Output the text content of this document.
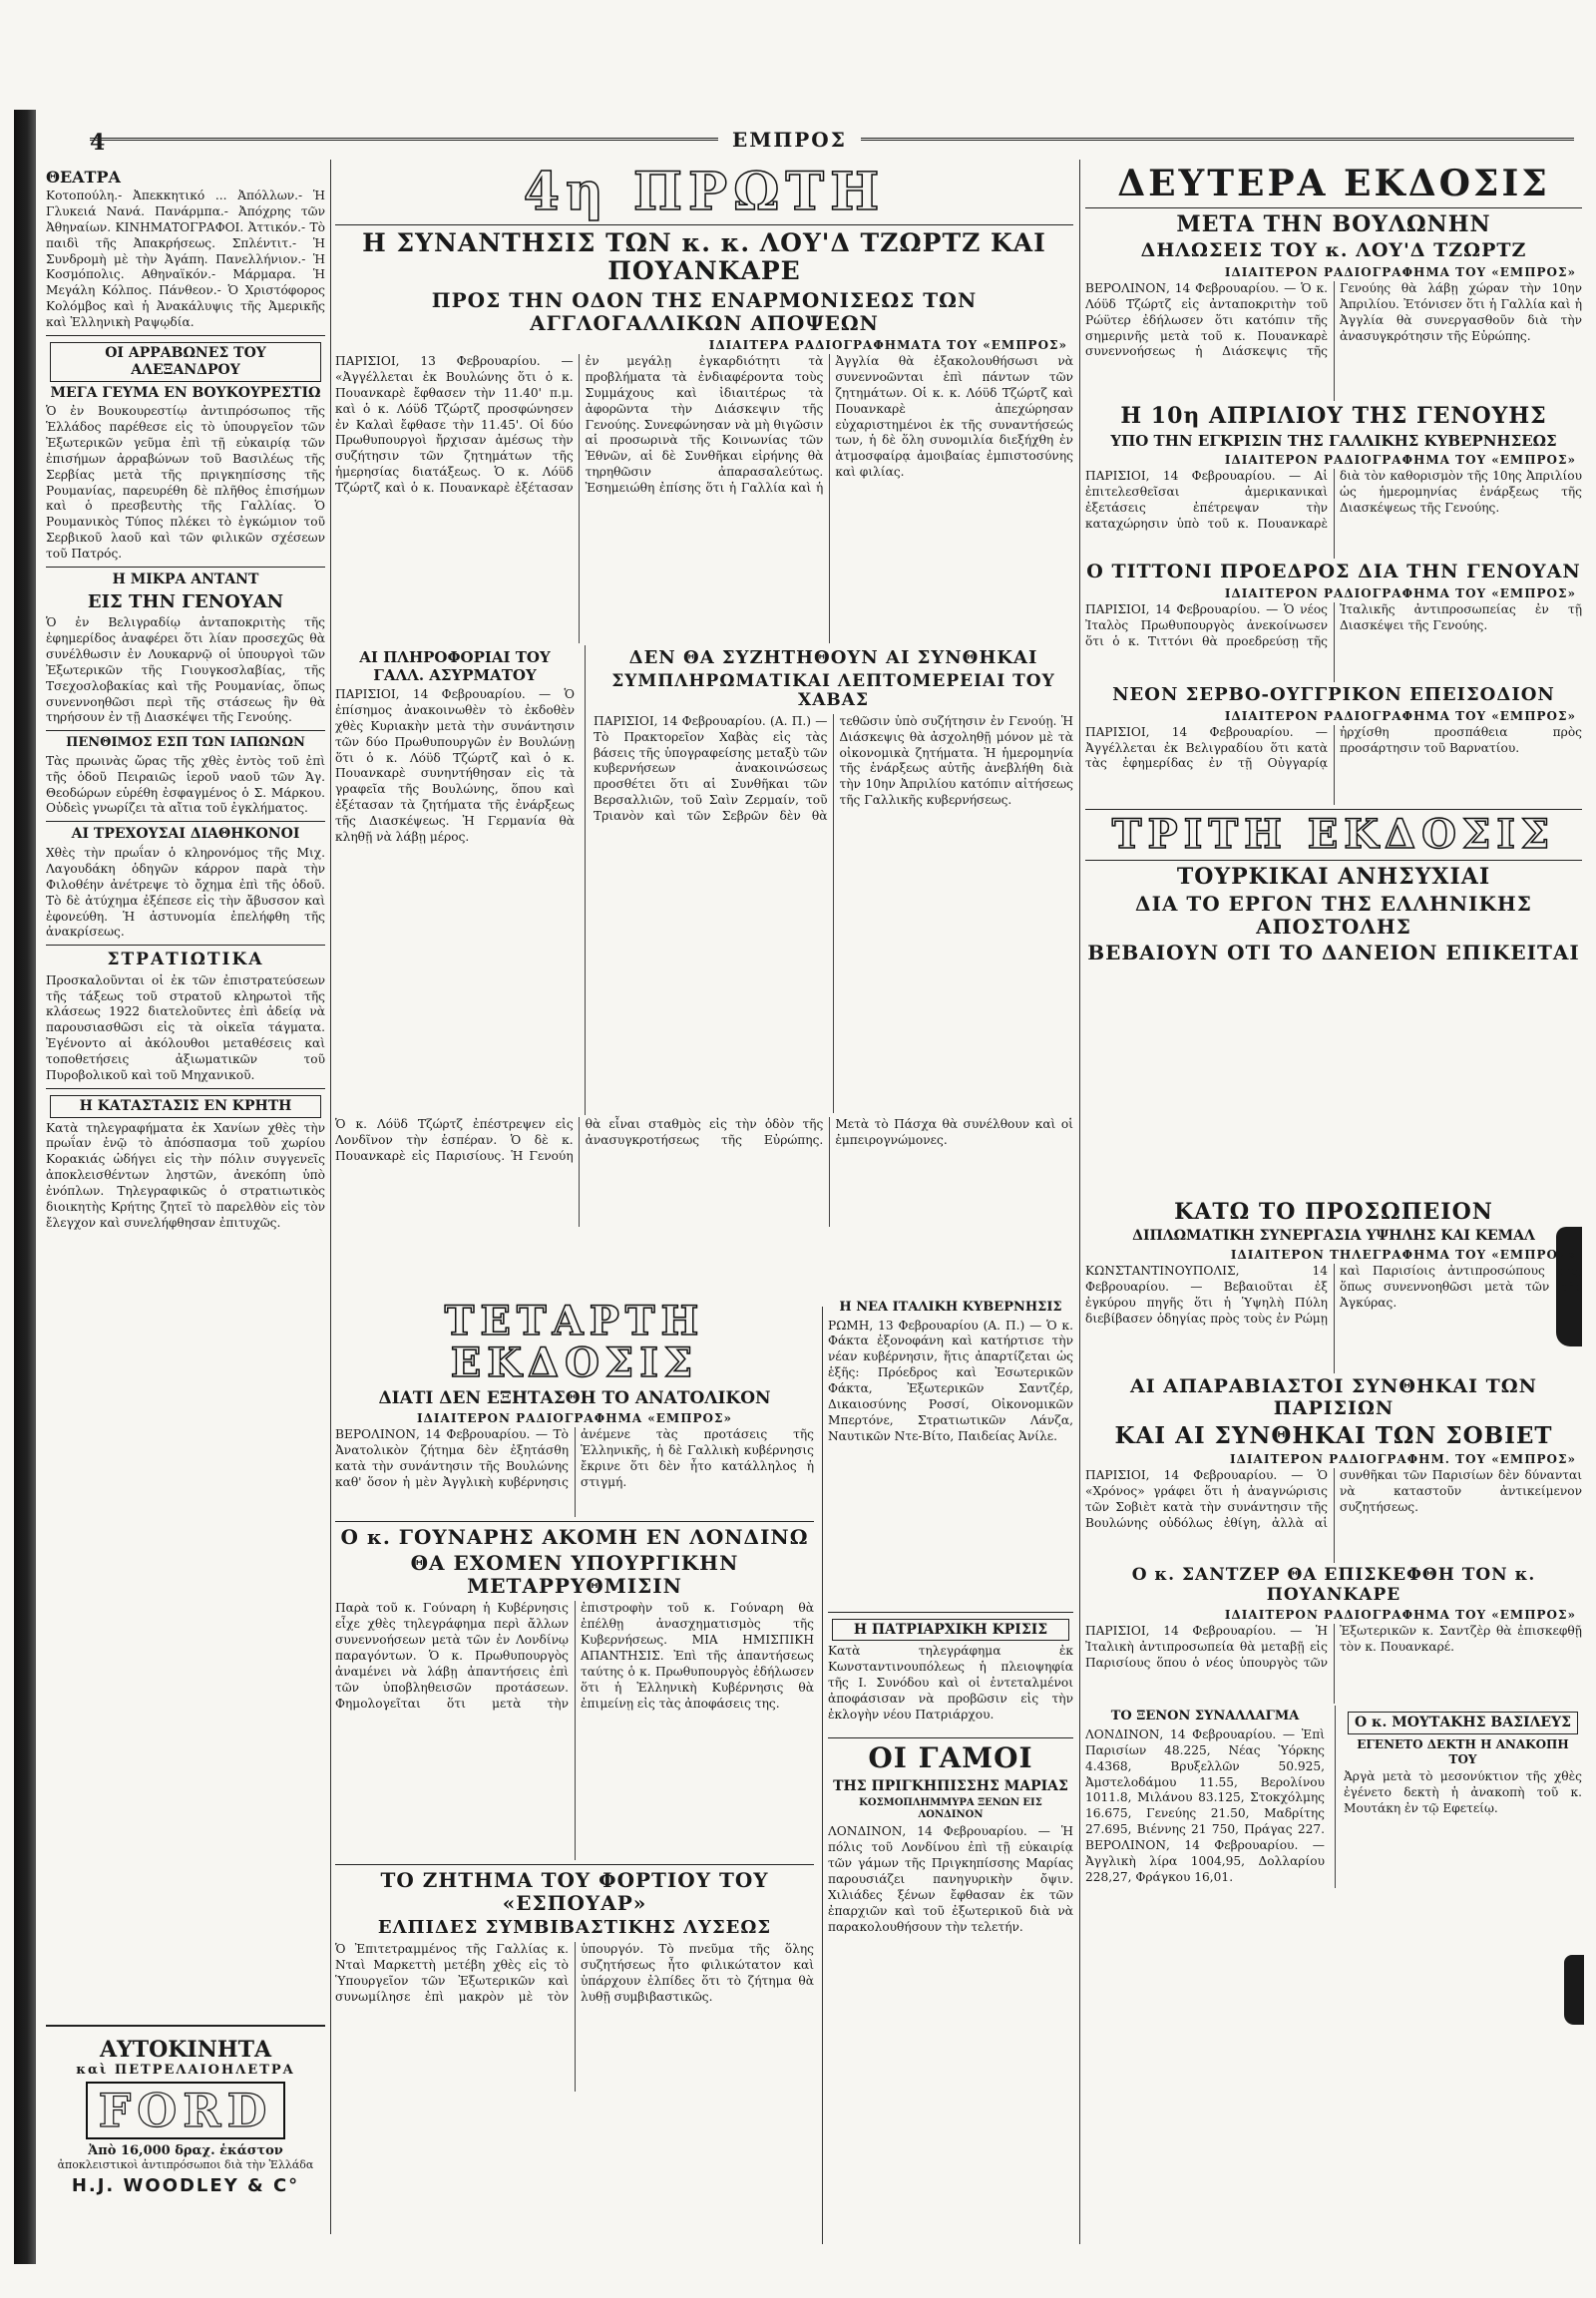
4	ΕΜΠΡΟΣ
ΘΕΑΤΡΑ
Κοτοπούλη.- Ἀπεκκητικό ... Ἀπόλλων.- Ἡ Γλυκειά Νανά. Πανάρμπα.- Ἀπόχρης τῶν Ἀθηναίων. ΚΙΝΗΜΑΤΟΓΡΑΦΟΙ. Ἀττικόν.- Τὸ παιδὶ τῆς Ἀπακρήσεως. Σπλέντιτ.- Ἡ Συνδρομὴ μὲ τὴν Ἀγάπη. Πανελλήνιον.- Ἡ Κοσμόπολις. Αθηναϊκόν.- Μάρμαρα. Ἡ Μεγάλη Κόλπος. Πάνθεον.- Ὁ Χριστόφορος Κολόμβος καὶ ἡ Ἀνακάλυψις τῆς Ἀμερικῆς καὶ Ἑλληνικὴ Ραψῳδία.
ΟΙ ΑΡΡΑΒΩΝΕΣ ΤΟΥ ΑΛΕΞΑΝΔΡΟΥ
ΜΕΓΑ ΓΕΥΜΑ ΕΝ ΒΟΥΚΟΥΡΕΣΤΙΩ
Ὁ ἐν Βουκουρεστίῳ ἀντιπρόσωπος τῆς Ἑλλάδος παρέθεσε εἰς τὸ ὑπουργεῖον τῶν Ἐξωτερικῶν γεῦμα ἐπὶ τῇ εὐκαιρίᾳ τῶν ἐπισήμων ἀρραβώνων τοῦ Βασιλέως τῆς Σερβίας μετὰ τῆς πριγκηπίσσης τῆς Ρουμανίας, παρευρέθη δὲ πλῆθος ἐπισήμων καὶ ὁ πρεσβευτὴς τῆς Γαλλίας. Ὁ Ρουμανικὸς Τύπος πλέκει τὸ ἐγκώμιον τοῦ Σερβικοῦ λαοῦ καὶ τῶν φιλικῶν σχέσεων τοῦ Πατρός.
Η ΜΙΚΡΑ ΑΝΤΑΝΤ
ΕΙΣ ΤΗΝ ΓΕΝΟΥΑΝ
Ὁ ἐν Βελιγραδίῳ ἀνταποκριτὴς τῆς ἐφημερίδος ἀναφέρει ὅτι λίαν προσεχῶς θὰ συνέλθωσιν ἐν Λουκαρνῷ οἱ ὑπουργοὶ τῶν Ἐξωτερικῶν τῆς Γιουγκοσλαβίας, τῆς Τσεχοσλοβακίας καὶ τῆς Ρουμανίας, ὅπως συνεννοηθῶσι περὶ τῆς στάσεως ἣν θὰ τηρήσουν ἐν τῇ Διασκέψει τῆς Γενούης.
ΠΕΝΘΙΜΟΣ ΕΣΠ ΤΩΝ ΙΑΠΩΝΩΝ
Τὰς πρωινὰς ὥρας τῆς χθὲς ἐντὸς τοῦ ἐπὶ τῆς ὁδοῦ Πειραιῶς ἱεροῦ ναοῦ τῶν Ἁγ. Θεοδώρων εὑρέθη ἐσφαγμένος ὁ Σ. Μάρκου. Οὐδεὶς γνωρίζει τὰ αἴτια τοῦ ἐγκλήματος.
ΑΙ ΤΡΕΧΟΥΣΑΙ ΔΙΑΘΗΚΟΝΟΙ
Χθὲς τὴν πρωΐαν ὁ κληρονόμος τῆς Μιχ. Λαγουδάκη ὁδηγῶν κάρρον παρὰ τὴν Φιλοθέην ἀνέτρεψε τὸ ὄχημα ἐπὶ τῆς ὁδοῦ. Τὸ δὲ ἀτύχημα ἐξέπεσε εἰς τὴν ἄβυσσον καὶ ἐφονεύθη. Ἡ ἀστυνομία ἐπελήφθη τῆς ἀνακρίσεως.
ΣΤΡΑΤΙΩΤΙΚΑ
Προσκαλοῦνται οἱ ἐκ τῶν ἐπιστρατεύσεων τῆς τάξεως τοῦ στρατοῦ κληρωτοὶ τῆς κλάσεως 1922 διατελοῦντες ἐπὶ ἀδείᾳ νὰ παρουσιασθῶσι εἰς τὰ οἰκεῖα τάγματα. Ἐγένοντο αἱ ἀκόλουθοι μεταθέσεις καὶ τοποθετήσεις ἀξιωματικῶν τοῦ Πυροβολικοῦ καὶ τοῦ Μηχανικοῦ.
Η ΚΑΤΑΣΤΑΣΙΣ ΕΝ ΚΡΗΤΗ
Κατὰ τηλεγραφήματα ἐκ Χανίων χθὲς τὴν πρωΐαν ἐνῷ τὸ ἀπόσπασμα τοῦ χωρίου Κορακιάς ὡδήγει εἰς τὴν πόλιν συγγενεῖς ἀποκλεισθέντων ληστῶν, ἀνεκόπη ὑπὸ ἐνόπλων. Τηλεγραφικῶς ὁ στρατιωτικὸς διοικητὴς Κρήτης ζητεῖ τὸ παρελθὸν εἰς τὸν ἔλεγχον καὶ συνελήφθησαν ἐπιτυχῶς.
ΑΥΤΟΚΙΝΗΤΑ
καὶ ΠΕΤΡΕΛΑΙΟΗΛΕΤΡΑ
FORD
Ἀπὸ 16,000 δραχ. ἑκάστον
ἀποκλειστικοὶ ἀντιπρόσωποι διὰ τὴν Ἑλλάδα
H.J. WOODLEY & C°
4η ΠΡΩΤΗ
Η ΣΥΝΑΝΤΗΣΙΣ ΤΩΝ κ. κ. ΛΟΥ'Δ ΤΖΩΡΤΖ ΚΑΙ ΠΟΥΑΝΚΑΡΕ
ΠΡΟΣ ΤΗΝ ΟΔΟΝ ΤΗΣ ΕΝΑΡΜΟΝΙΣΕΩΣ ΤΩΝ ΑΓΓΛΟΓΑΛΛΙΚΩΝ ΑΠΟΨΕΩΝ
ΙΔΙΑΙΤΕΡΑ ΡΑΔΙΟΓΡΑΦΗΜΑΤΑ ΤΟΥ «ΕΜΠΡΟΣ»
ΠΑΡΙΣΙΟΙ, 13 Φεβρουαρίου. — «Ἀγγέλλεται ἐκ Βουλώνης ὅτι ὁ κ. Πουανκαρὲ ἔφθασεν τὴν 11.40' π.μ. καὶ ὁ κ. Λόϋδ Τζώρτζ προσφώνησεν ἐν Καλαὶ ἔφθασε τὴν 11.45'. Οἱ δύο Πρωθυπουργοὶ ἤρχισαν ἀμέσως τὴν συζήτησιν τῶν ζητημάτων τῆς ἡμερησίας διατάξεως. Ὁ κ. Λόϋδ Τζώρτζ καὶ ὁ κ. Πουανκαρὲ ἐξέτασαν ἐν μεγάλῃ ἐγκαρδιότητι τὰ προβλήματα τὰ ἐνδιαφέροντα τοὺς Συμμάχους καὶ ἰδιαιτέρως τὰ ἀφορῶντα τὴν Διάσκεψιν τῆς Γενούης. Συνεφώνησαν νὰ μὴ θιγῶσιν αἱ προσωρινὰ τῆς Κοινωνίας τῶν Ἐθνῶν, αἱ δὲ Συνθῆκαι εἰρήνης θὰ τηρηθῶσιν ἀπαρασαλεύτως. Ἐσημειώθη ἐπίσης ὅτι ἡ Γαλλία καὶ ἡ Ἀγγλία θὰ ἐξακολουθήσωσι νὰ συνεννοῶνται ἐπὶ πάντων τῶν ζητημάτων. Οἱ κ. κ. Λόϋδ Τζώρτζ καὶ Πουανκαρὲ ἀπεχώρησαν εὐχαριστημένοι ἐκ τῆς συναντήσεώς των, ἡ δὲ ὅλη συνομιλία διεξήχθη ἐν ἀτμοσφαίρᾳ ἀμοιβαίας ἐμπιστοσύνης καὶ φιλίας.
ΑΙ ΠΛΗΡΟΦΟΡΙΑΙ ΤΟΥ ΓΑΛΛ. ΑΣΥΡΜΑΤΟΥ
ΠΑΡΙΣΙΟΙ, 14 Φεβρουαρίου. — Ὁ ἐπίσημος ἀνακοινωθὲν τὸ ἐκδοθὲν χθὲς Κυριακὴν μετὰ τὴν συνάντησιν τῶν δύο Πρωθυπουργῶν ἐν Βουλώνῃ ὅτι ὁ κ. Λόϋδ Τζώρτζ καὶ ὁ κ. Πουανκαρὲ συνηντήθησαν εἰς τὰ γραφεῖα τῆς Βουλώνης, ὅπου καὶ ἐξέτασαν τὰ ζητήματα τῆς ἐνάρξεως τῆς Διασκέψεως. Ἡ Γερμανία θὰ κληθῇ νὰ λάβῃ μέρος.
ΔΕΝ ΘΑ ΣΥΖΗΤΗΘΟΥΝ ΑΙ ΣΥΝΘΗΚΑΙ
ΣΥΜΠΛΗΡΩΜΑΤΙΚΑΙ ΛΕΠΤΟΜΕΡΕΙΑΙ ΤΟΥ ΧΑΒΑΣ
ΠΑΡΙΣΙΟΙ, 14 Φεβρουαρίου. (Α. Π.) — Τὸ Πρακτορεῖον Χαβὰς εἰς τὰς βάσεις τῆς ὑπογραφείσης μεταξὺ τῶν κυβερνήσεων ἀνακοινώσεως προσθέτει ὅτι αἱ Συνθῆκαι τῶν Βερσαλλιῶν, τοῦ Σαὶν Ζερμαίν, τοῦ Τριανὸν καὶ τῶν Σεβρῶν δὲν θὰ τεθῶσιν ὑπὸ συζήτησιν ἐν Γενούῃ. Ἡ Διάσκεψις θὰ ἀσχοληθῇ μόνον μὲ τὰ οἰκονομικὰ ζητήματα. Ἡ ἡμερομηνία τῆς ἐνάρξεως αὐτῆς ἀνεβλήθη διὰ τὴν 10ην Ἀπριλίου κατόπιν αἰτήσεως τῆς Γαλλικῆς κυβερνήσεως.
Ὁ κ. Λόϋδ Τζώρτζ ἐπέστρεψεν εἰς Λονδῖνον τὴν ἑσπέραν. Ὁ δὲ κ. Πουανκαρὲ εἰς Παρισίους. Ἡ Γενούη θὰ εἶναι σταθμὸς εἰς τὴν ὁδὸν τῆς ἀνασυγκροτήσεως τῆς Εὐρώπης. Μετὰ τὸ Πάσχα θὰ συνέλθουν καὶ οἱ ἐμπειρογνώμονες.
ΤΕΤΑΡΤΗ ΕΚΔΟΣΙΣ
ΔΙΑΤΙ ΔΕΝ ΕΞΗΤΑΣΘΗ ΤΟ ΑΝΑΤΟΛΙΚΟΝ
ΙΔΙΑΙΤΕΡΟΝ ΡΑΔΙΟΓΡΑΦΗΜΑ «ΕΜΠΡΟΣ»
ΒΕΡΟΛΙΝΟΝ, 14 Φεβρουαρίου. — Τὸ Ἀνατολικὸν ζήτημα δὲν ἐξητάσθη κατὰ τὴν συνάντησιν τῆς Βουλώνης καθ' ὅσον ἡ μὲν Ἀγγλικὴ κυβέρνησις ἀνέμενε τὰς προτάσεις τῆς Ἑλληνικῆς, ἡ δὲ Γαλλικὴ κυβέρνησις ἔκρινε ὅτι δὲν ἦτο κατάλληλος ἡ στιγμή.
Ο κ. ΓΟΥΝΑΡΗΣ ΑΚΟΜΗ ΕΝ ΛΟΝΔΙΝΩ
ΘΑ ΕΧΟΜΕΝ ΥΠΟΥΡΓΙΚΗΝ ΜΕΤΑΡΡΥΘΜΙΣΙΝ
Παρὰ τοῦ κ. Γούναρη ἡ Κυβέρνησις εἶχε χθὲς τηλεγράφημα περὶ ἄλλων συνεννοήσεων μετὰ τῶν ἐν Λονδίνῳ παραγόντων. Ὁ κ. Πρωθυπουργὸς ἀναμένει νὰ λάβῃ ἀπαντήσεις ἐπὶ τῶν ὑποβληθεισῶν προτάσεων. Φημολογεῖται ὅτι μετὰ τὴν ἐπιστροφὴν τοῦ κ. Γούναρη θὰ ἐπέλθῃ ἀνασχηματισμὸς τῆς Κυβερνήσεως. ΜΙΑ ΗΜΙΣΠΙΚΗ ΑΠΑΝΤΗΣΙΣ. Ἐπὶ τῆς ἀπαντήσεως ταύτης ὁ κ. Πρωθυπουργὸς ἐδήλωσεν ὅτι ἡ Ἑλληνικὴ Κυβέρνησις θὰ ἐπιμείνῃ εἰς τὰς ἀποφάσεις της.
ΤΟ ΖΗΤΗΜΑ ΤΟΥ ΦΟΡΤΙΟΥ ΤΟΥ «ΕΣΠΟΥΑΡ»
ΕΛΠΙΔΕΣ ΣΥΜΒΙΒΑΣΤΙΚΗΣ ΛΥΣΕΩΣ
Ὁ Ἐπιτετραμμένος τῆς Γαλλίας κ. Νταὶ Μαρκεττὴ μετέβη χθὲς εἰς τὸ Ὑπουργεῖον τῶν Ἐξωτερικῶν καὶ συνωμίλησε ἐπὶ μακρὸν μὲ τὸν ὑπουργόν. Τὸ πνεῦμα τῆς ὅλης συζητήσεως ἦτο φιλικώτατον καὶ ὑπάρχουν ἐλπίδες ὅτι τὸ ζήτημα θὰ λυθῇ συμβιβαστικῶς.
Η ΝΕΑ ΙΤΑΛΙΚΗ ΚΥΒΕΡΝΗΣΙΣ
ΡΩΜΗ, 13 Φεβρουαρίου (Α. Π.) — Ὁ κ. Φάκτα ἐξονοφάνη καὶ κατήρτισε τὴν νέαν κυβέρνησιν, ἥτις ἀπαρτίζεται ὡς ἑξῆς: Πρόεδρος καὶ Ἐσωτερικῶν Φάκτα, Ἐξωτερικῶν Σαντζέρ, Δικαιοσύνης Ροσσί, Οἰκονομικῶν Μπερτόνε, Στρατιωτικῶν Λάνζα, Ναυτικῶν Ντε-Βίτο, Παιδείας Ἀνίλε.
Η ΠΑΤΡΙΑΡΧΙΚΗ ΚΡΙΣΙΣ
Κατὰ τηλεγράφημα ἐκ Κωνσταντινουπόλεως ἡ πλειοψηφία τῆς Ι. Συνόδου καὶ οἱ ἐντεταλμένοι ἀποφάσισαν νὰ προβῶσιν εἰς τὴν ἐκλογὴν νέου Πατριάρχου.
ΟΙ ΓΑΜΟΙ
ΤΗΣ ΠΡΙΓΚΗΠΙΣΣΗΣ ΜΑΡΙΑΣ
ΚΟΣΜΟΠΛΗΜΜΥΡΑ ΞΕΝΩΝ ΕΙΣ ΛΟΝΔΙΝΟΝ
ΛΟΝΔΙΝΟΝ, 14 Φεβρουαρίου. — Ἡ πόλις τοῦ Λονδίνου ἐπὶ τῇ εὐκαιρίᾳ τῶν γάμων τῆς Πριγκηπίσσης Μαρίας παρουσιάζει πανηγυρικὴν ὄψιν. Χιλιάδες ξένων ἔφθασαν ἐκ τῶν ἐπαρχιῶν καὶ τοῦ ἐξωτερικοῦ διὰ νὰ παρακολουθήσουν τὴν τελετήν.
ΔΕΥΤΕΡΑ ΕΚΔΟΣΙΣ
ΜΕΤΑ ΤΗΝ ΒΟΥΛΩΝΗΝ
ΔΗΛΩΣΕΙΣ ΤΟΥ κ. ΛΟΥ'Δ ΤΖΩΡΤΖ
ΙΔΙΑΙΤΕΡΟΝ ΡΑΔΙΟΓΡΑΦΗΜΑ ΤΟΥ «ΕΜΠΡΟΣ»
ΒΕΡΟΛΙΝΟΝ, 14 Φεβρουαρίου. — Ὁ κ. Λόϋδ Τζώρτζ εἰς ἀνταποκριτὴν τοῦ Ρώϋτερ ἐδήλωσεν ὅτι κατόπιν τῆς σημερινῆς μετὰ τοῦ κ. Πουανκαρὲ συνεννοήσεως ἡ Διάσκεψις τῆς Γενούης θὰ λάβῃ χώραν τὴν 10ην Ἀπριλίου. Ἐτόνισεν ὅτι ἡ Γαλλία καὶ ἡ Ἀγγλία θὰ συνεργασθοῦν διὰ τὴν ἀνασυγκρότησιν τῆς Εὐρώπης.
Η 10η ΑΠΡΙΛΙΟΥ ΤΗΣ ΓΕΝΟΥΗΣ
ΥΠΟ ΤΗΝ ΕΓΚΡΙΣΙΝ ΤΗΣ ΓΑΛΛΙΚΗΣ ΚΥΒΕΡΝΗΣΕΩΣ
ΙΔΙΑΙΤΕΡΟΝ ΡΑΔΙΟΓΡΑΦΗΜΑ ΤΟΥ «ΕΜΠΡΟΣ»
ΠΑΡΙΣΙΟΙ, 14 Φεβρουαρίου. — Αἱ ἐπιτελεσθεῖσαι ἀμερικανικαὶ ἐξετάσεις ἐπέτρεψαν τὴν καταχώρησιν ὑπὸ τοῦ κ. Πουανκαρὲ διὰ τὸν καθορισμὸν τῆς 10ης Ἀπριλίου ὡς ἡμερομηνίας ἐνάρξεως τῆς Διασκέψεως τῆς Γενούης.
Ο ΤΙΤΤΟΝΙ ΠΡΟΕΔΡΟΣ ΔΙΑ ΤΗΝ ΓΕΝΟΥΑΝ
ΙΔΙΑΙΤΕΡΟΝ ΡΑΔΙΟΓΡΑΦΗΜΑ ΤΟΥ «ΕΜΠΡΟΣ»
ΠΑΡΙΣΙΟΙ, 14 Φεβρουαρίου. — Ὁ νέος Ἰταλὸς Πρωθυπουργὸς ἀνεκοίνωσεν ὅτι ὁ κ. Τιττόνι θὰ προεδρεύσῃ τῆς Ἰταλικῆς ἀντιπροσωπείας ἐν τῇ Διασκέψει τῆς Γενούης.
ΝΕΟΝ ΣΕΡΒΟ-ΟΥΓΓΡΙΚΟΝ ΕΠΕΙΣΟΔΙΟΝ
ΙΔΙΑΙΤΕΡΟΝ ΡΑΔΙΟΓΡΑΦΗΜΑ ΤΟΥ «ΕΜΠΡΟΣ»
ΠΑΡΙΣΙΟΙ, 14 Φεβρουαρίου. — Ἀγγέλλεται ἐκ Βελιγραδίου ὅτι κατὰ τὰς ἐφημερίδας ἐν τῇ Οὐγγαρίᾳ ἠρχίσθη προσπάθεια πρὸς προσάρτησιν τοῦ Βαρνατίου.
ΤΡΙΤΗ ΕΚΔΟΣΙΣ
ΤΟΥΡΚΙΚΑΙ ΑΝΗΣΥΧΙΑΙ
ΔΙΑ ΤΟ ΕΡΓΟΝ ΤΗΣ ΕΛΛΗΝΙΚΗΣ ΑΠΟΣΤΟΛΗΣ
ΒΕΒΑΙΟΥΝ ΟΤΙ ΤΟ ΔΑΝΕΙΟΝ ΕΠΙΚΕΙΤΑΙ
ΚΑΤΩ ΤΟ ΠΡΟΣΩΠΕΙΟΝ
ΔΙΠΛΩΜΑΤΙΚΗ ΣΥΝΕΡΓΑΣΙΑ ΥΨΗΛΗΣ ΚΑΙ ΚΕΜΑΛ
ΙΔΙΑΙΤΕΡΟΝ ΤΗΛΕΓΡΑΦΗΜΑ ΤΟΥ «ΕΜΠΡΟΣ»
ΚΩΝΣΤΑΝΤΙΝΟΥΠΟΛΙΣ, 14 Φεβρουαρίου. — Βεβαιοῦται ἐξ ἐγκύρου πηγῆς ὅτι ἡ Ὑψηλὴ Πύλη διεβίβασεν ὁδηγίας πρὸς τοὺς ἐν Ρώμῃ καὶ Παρισίοις ἀντιπροσώπους της, ὅπως συνεννοηθῶσι μετὰ τῶν τῆς Ἀγκύρας.
ΑΙ ΑΠΑΡΑΒΙΑΣΤΟΙ ΣΥΝΘΗΚΑΙ ΤΩΝ ΠΑΡΙΣΙΩΝ
ΚΑΙ ΑΙ ΣΥΝΘΗΚΑΙ ΤΩΝ ΣΟΒΙΕΤ
ΙΔΙΑΙΤΕΡΟΝ ΡΑΔΙΟΓΡΑΦΗΜ. ΤΟΥ «ΕΜΠΡΟΣ»
ΠΑΡΙΣΙΟΙ, 14 Φεβρουαρίου. — Ὁ «Χρόνος» γράφει ὅτι ἡ ἀναγνώρισις τῶν Σοβιὲτ κατὰ τὴν συνάντησιν τῆς Βουλώνης οὐδόλως ἐθίγη, ἀλλὰ αἱ συνθῆκαι τῶν Παρισίων δὲν δύνανται νὰ καταστοῦν ἀντικείμενον συζητήσεως.
Ο κ. ΣΑΝΤΖΕΡ ΘΑ ΕΠΙΣΚΕΦΘΗ ΤΟΝ κ. ΠΟΥΑΝΚΑΡΕ
ΙΔΙΑΙΤΕΡΟΝ ΡΑΔΙΟΓΡΑΦΗΜΑ ΤΟΥ «ΕΜΠΡΟΣ»
ΠΑΡΙΣΙΟΙ, 14 Φεβρουαρίου. — Ἡ Ἰταλικὴ ἀντιπροσωπεία θὰ μεταβῇ εἰς Παρισίους ὅπου ὁ νέος ὑπουργὸς τῶν Ἐξωτερικῶν κ. Σαντζὲρ θὰ ἐπισκεφθῇ τὸν κ. Πουανκαρέ.
ΤΟ ΞΕΝΟΝ ΣΥΝΑΛΛΑΓΜΑ
ΛΟΝΔΙΝΟΝ, 14 Φεβρουαρίου. — Ἐπὶ Παρισίων 48.225, Νέας Ὑόρκης 4.4368, Βρυξελλῶν 50.925, Ἀμστελοδάμου 11.55, Βερολίνου 1011.8, Μιλάνου 83.125, Στοκχόλμης 16.675, Γενεύης 21.50, Μαδρίτης 27.695, Βιέννης 21 750, Πράγας 227. ΒΕΡΟΛΙΝΟΝ, 14 Φεβρουαρίου. — Ἀγγλικὴ λίρα 1004,95, Δολλαρίου 228,27, Φράγκου 16,01.
Ο κ. ΜΟΥΤΑΚΗΣ ΒΑΣΙΛΕΥΣ
ΕΓΕΝΕΤΟ ΔΕΚΤΗ Η ΑΝΑΚΟΠΗ ΤΟΥ
Ἀργὰ μετὰ τὸ μεσονύκτιον τῆς χθὲς ἐγένετο δεκτὴ ἡ ἀνακοπὴ τοῦ κ. Μουτάκη ἐν τῷ Εφετείῳ.
